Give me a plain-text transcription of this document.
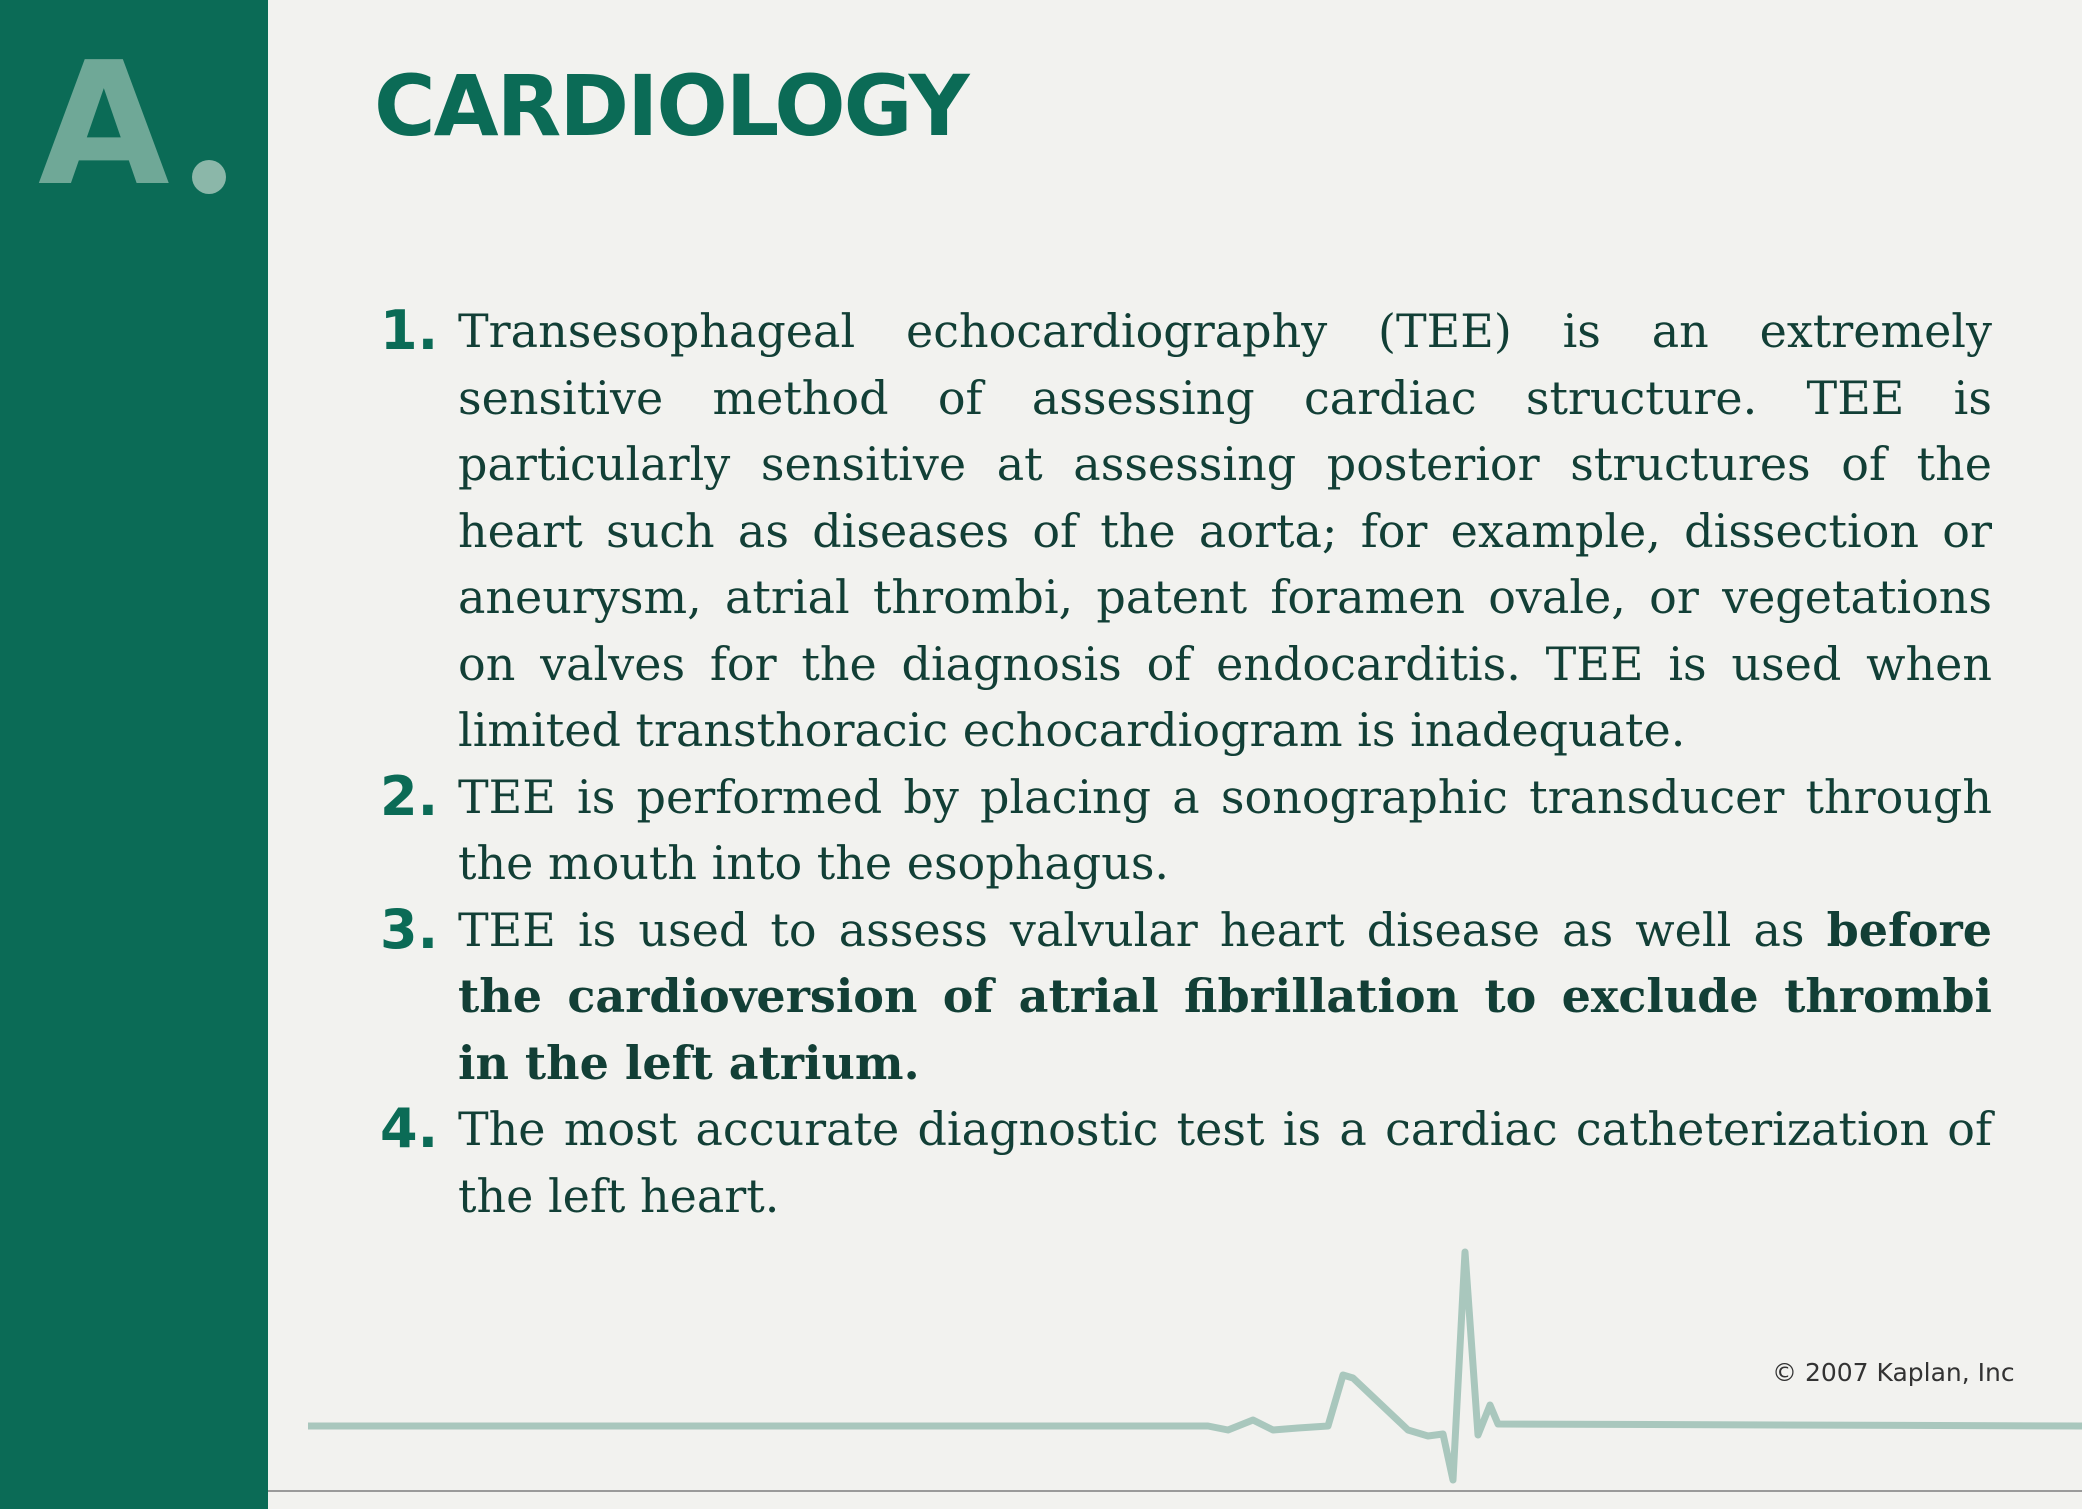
A CARDIOLOGY
1. Transesophageal echocardiography (TEE) is an extremely sensitive method of assessing cardiac structure. TEE is particularly sensitive at assessing posterior structures of the heart such as diseases of the aorta; for example, dissection or aneurysm, atrial thrombi, patent foramen ovale, or vegetations on valves for the diagnosis of endocarditis. TEE is used when limited transthoracic echocardiogram is inadequate.
2. TEE is performed by placing a sonographic transducer through the mouth into the esophagus.
3. TEE is used to assess valvular heart disease as well as before the cardioversion of atrial fibrillation to exclude thrombi in the left atrium.
4. The most accurate diagnostic test is a cardiac catheterization of the left heart.
© 2007 Kaplan, Inc
